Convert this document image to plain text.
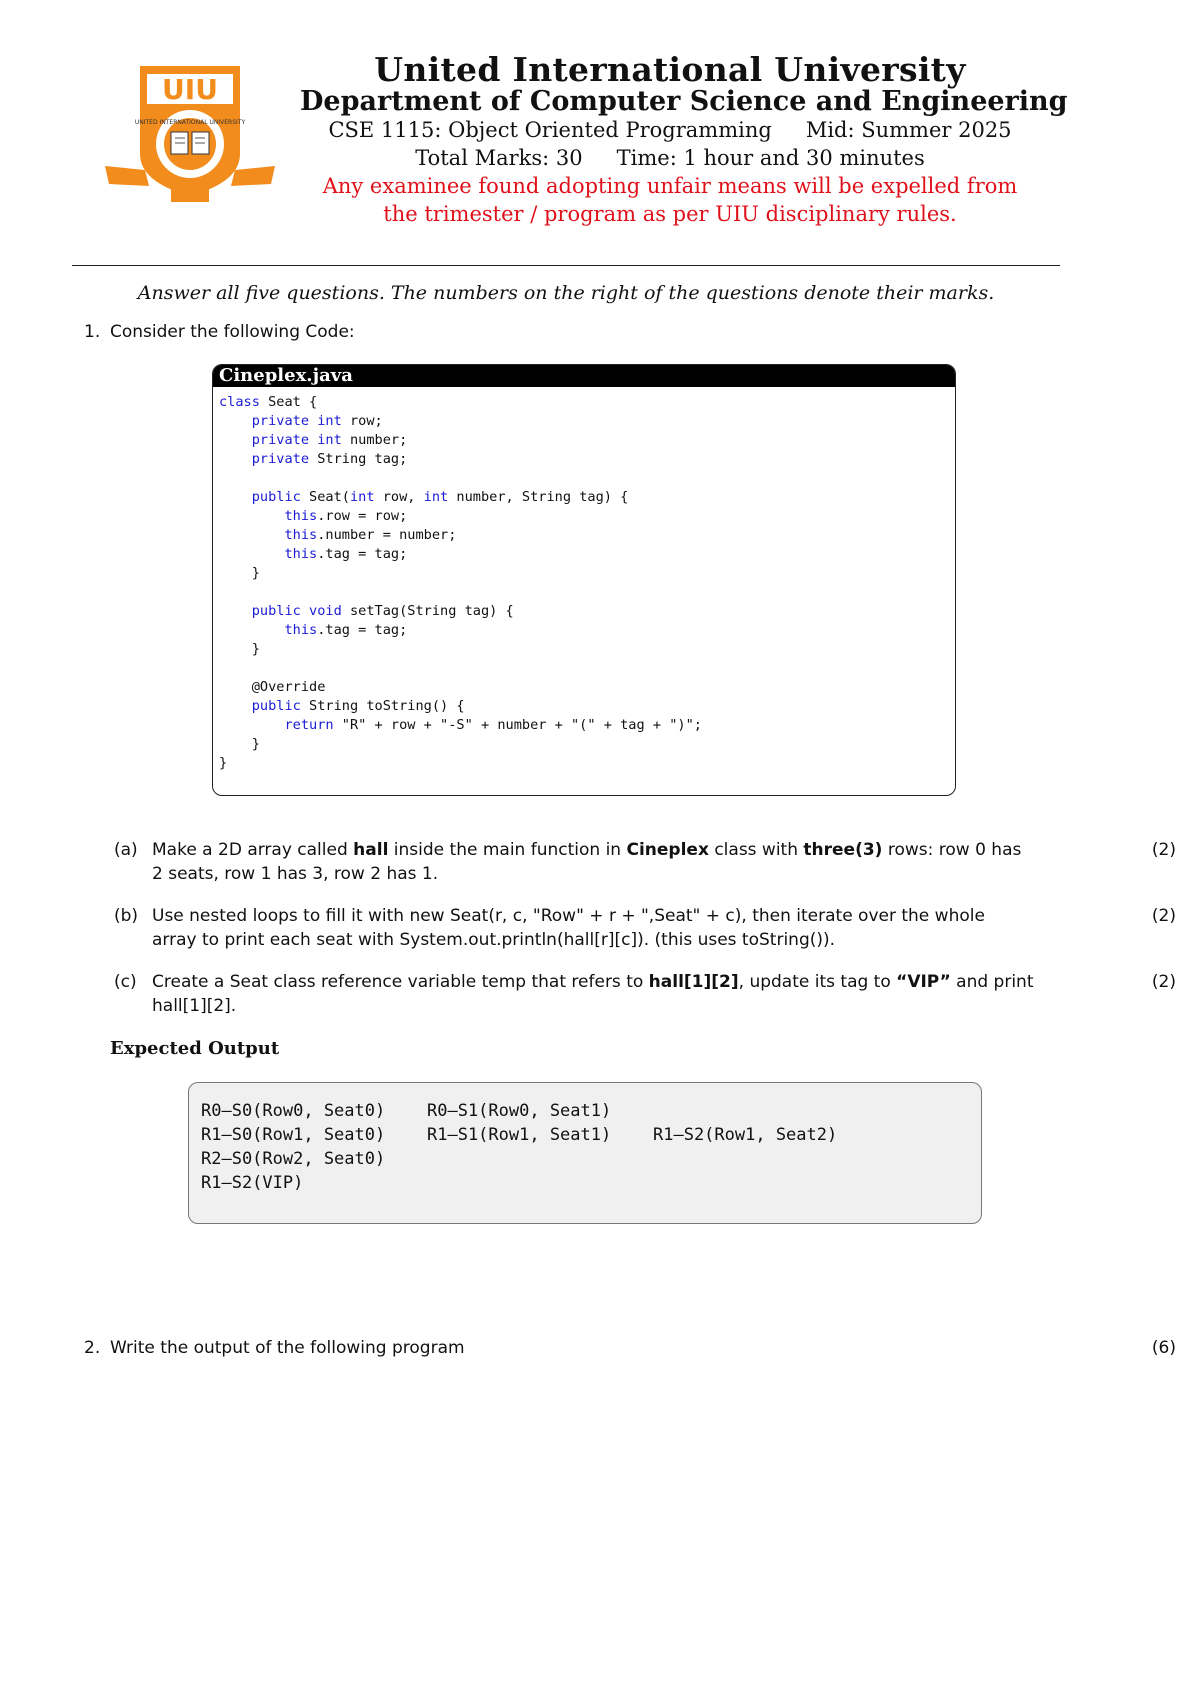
UIU
UNITED INTERNATIONAL UNIVERSITY
United International University
Department of Computer Science and Engineering
CSE 1115: Object Oriented Programming Mid: Summer 2025
Total Marks: 30 Time: 1 hour and 30 minutes
Any examinee found adopting unfair means will be expelled from
the trimester / program as per UIU disciplinary rules.
Answer all five questions. The numbers on the right of the questions denote their marks.
1. Consider the following Code:
Cineplex.java
class Seat {
private int row;
private int number;
private String tag;

public Seat(int row, int number, String tag) {
this.row = row;
this.number = number;
this.tag = tag;
}

public void setTag(String tag) {
this.tag = tag;
}

@Override
public String toString() {
return "R" + row + "-S" + number + "(" + tag + ")";
}
}
(a) Make a 2D array called hall inside the main function in Cineplex class with three(3) rows: row 0 has
2 seats, row 1 has 3, row 2 has 1.
(2)
(b) Use nested loops to fill it with new Seat(r, c, "Row" + r + ",Seat" + c), then iterate over the whole
array to print each seat with System.out.println(hall[r][c]). (this uses toString()).
(2)
(c) Create a Seat class reference variable temp that refers to hall[1][2], update its tag to “VIP” and print
hall[1][2].
(2)
Expected Output
R0–S0(Row0, Seat0) R0–S1(Row0, Seat1)
R1–S0(Row1, Seat0) R1–S1(Row1, Seat1) R1–S2(Row1, Seat2)
R2–S0(Row2, Seat0)
R1–S2(VIP)
2. Write the output of the following program	(6)
